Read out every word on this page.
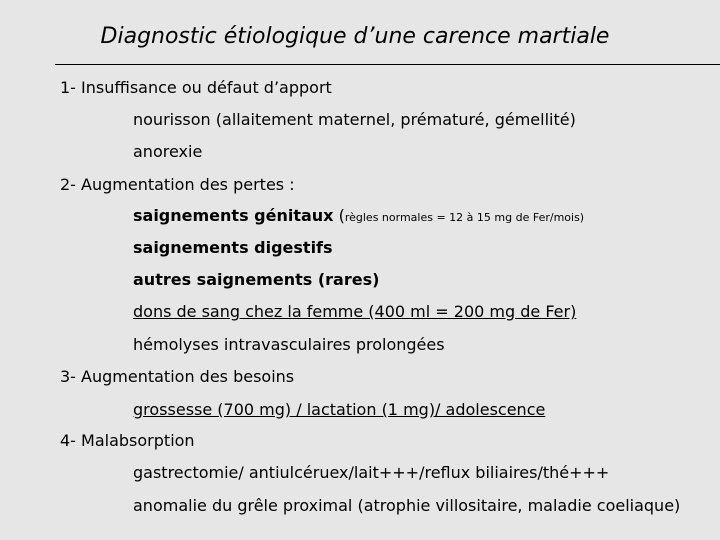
Diagnostic étiologique d’une carence martiale
1- Insuffisance ou défaut d’apport
nourisson (allaitement maternel, prématuré, gémellité)
anorexie
2- Augmentation des pertes :
saignements génitaux (règles normales = 12 à 15 mg de Fer/mois)
saignements digestifs
autres saignements (rares)
dons de sang chez la femme (400 ml = 200 mg de Fer)
hémolyses intravasculaires prolongées
3- Augmentation des besoins
grossesse (700 mg) / lactation (1 mg)/ adolescence
4- Malabsorption
gastrectomie/ antiulcéruex/lait+++/reflux biliaires/thé+++
anomalie du grêle proximal (atrophie villositaire, maladie coeliaque)
